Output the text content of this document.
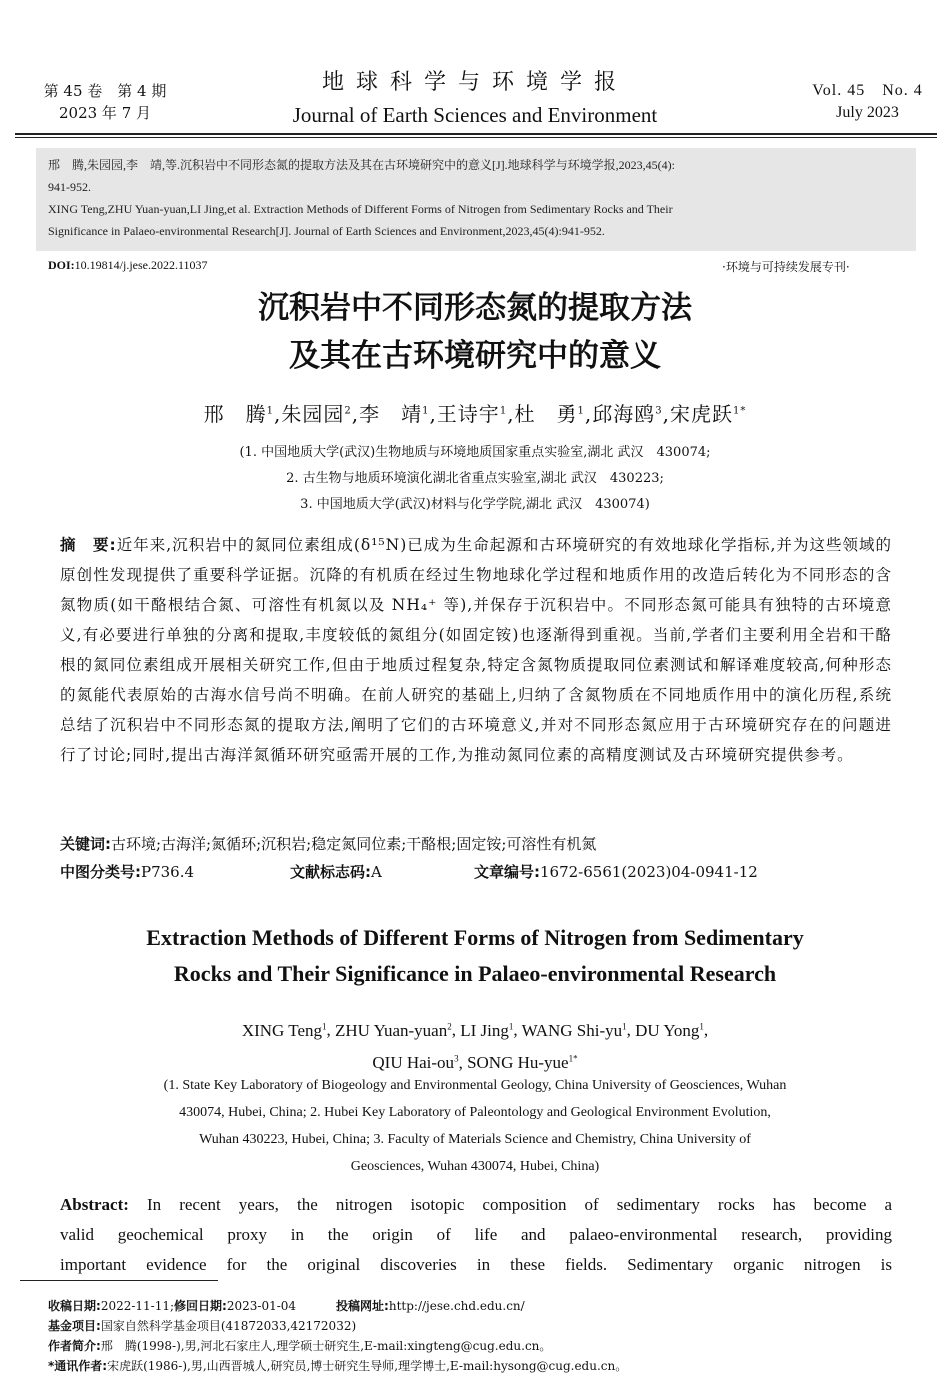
第 45 卷　第 4 期
2023 年 7 月
地球科学与环境学报
Journal of Earth Sciences and Environment
Vol. 45　No. 4
July 2023
邢　腾,朱园园,李　靖,等.沉积岩中不同形态氮的提取方法及其在古环境研究中的意义[J].地球科学与环境学报,2023,45(4):
941-952.
XING Teng,ZHU Yuan-yuan,LI Jing,et al. Extraction Methods of Different Forms of Nitrogen from Sedimentary Rocks and Their
Significance in Palaeo-environmental Research[J]. Journal of Earth Sciences and Environment,2023,45(4):941-952.
DOI:10.19814/j.jese.2022.11037	·环境与可持续发展专刊·
沉积岩中不同形态氮的提取方法
及其在古环境研究中的意义
邢　腾$^1$,朱园园$^2$,李　靖$^1$,王诗宇$^1$,杜　勇$^1$,邱海鸥$^3$,宋虎跃$^{1*}$
(1. 中国地质大学(武汉)生物地质与环境地质国家重点实验室,湖北 武汉　430074;
2. 古生物与地质环境演化湖北省重点实验室,湖北 武汉　430223;
3. 中国地质大学(武汉)材料与化学学院,湖北 武汉　430074)
摘　要:近年来,沉积岩中的氮同位素组成(δ¹⁵N)已成为生命起源和古环境研究的有效地球化学指标,并为这些领域的原创性发现提供了重要科学证据。沉降的有机质在经过生物地球化学过程和地质作用的改造后转化为不同形态的含氮物质(如干酪根结合氮、可溶性有机氮以及 NH₄⁺ 等),并保存于沉积岩中。不同形态氮可能具有独特的古环境意义,有必要进行单独的分离和提取,丰度较低的氮组分(如固定铵)也逐渐得到重视。当前,学者们主要利用全岩和干酪根的氮同位素组成开展相关研究工作,但由于地质过程复杂,特定含氮物质提取同位素测试和解译难度较高,何种形态的氮能代表原始的古海水信号尚不明确。在前人研究的基础上,归纳了含氮物质在不同地质作用中的演化历程,系统总结了沉积岩中不同形态氮的提取方法,阐明了它们的古环境意义,并对不同形态氮应用于古环境研究存在的问题进行了讨论;同时,提出古海洋氮循环研究亟需开展的工作,为推动氮同位素的高精度测试及古环境研究提供参考。
关键词:古环境;古海洋;氮循环;沉积岩;稳定氮同位素;干酪根;固定铵;可溶性有机氮
中图分类号:P736.4	文献标志码:A	文章编号:1672-6561(2023)04-0941-12
Extraction Methods of Different Forms of Nitrogen from Sedimentary
Rocks and Their Significance in Palaeo-environmental Research
XING Teng$^1$, ZHU Yuan-yuan$^2$, LI Jing$^1$, WANG Shi-$yu^1$, DU Yong$^1$,
QIU Hai-$ou^3$, SONG Hu-yue$^{1*}$
(1. State Key Laboratory of Biogeology and Environmental Geology, China University of Geosciences, Wuhan
430074, Hubei, China; 2. Hubei Key Laboratory of Paleontology and Geological Environment Evolution,
Wuhan 430223, Hubei, China; 3. Faculty of Materials Science and Chemistry, China University of
Geosciences, Wuhan 430074, Hubei, China)
Abstract: In recent years, the nitrogen isotopic composition of sedimentary rocks has become a
valid geochemical proxy in the origin of life and palaeo-environmental research, providing
important evidence for the original discoveries in these fields. Sedimentary organic nitrogen is
收稿日期:2022-11-11; 修回日期:2023-01-04	投稿网址:http://jese.chd.edu.cn/
基金项目:国家自然科学基金项目(41872033,42172032)
作者简介:邢　腾(1998-),男,河北石家庄人,理学硕士研究生,E-mail:xingteng@cug.edu.cn。
*通讯作者:宋虎跃(1986-),男,山西晋城人,研究员,博士研究生导师,理学博士,E-mail:hysong@cug.edu.cn。
